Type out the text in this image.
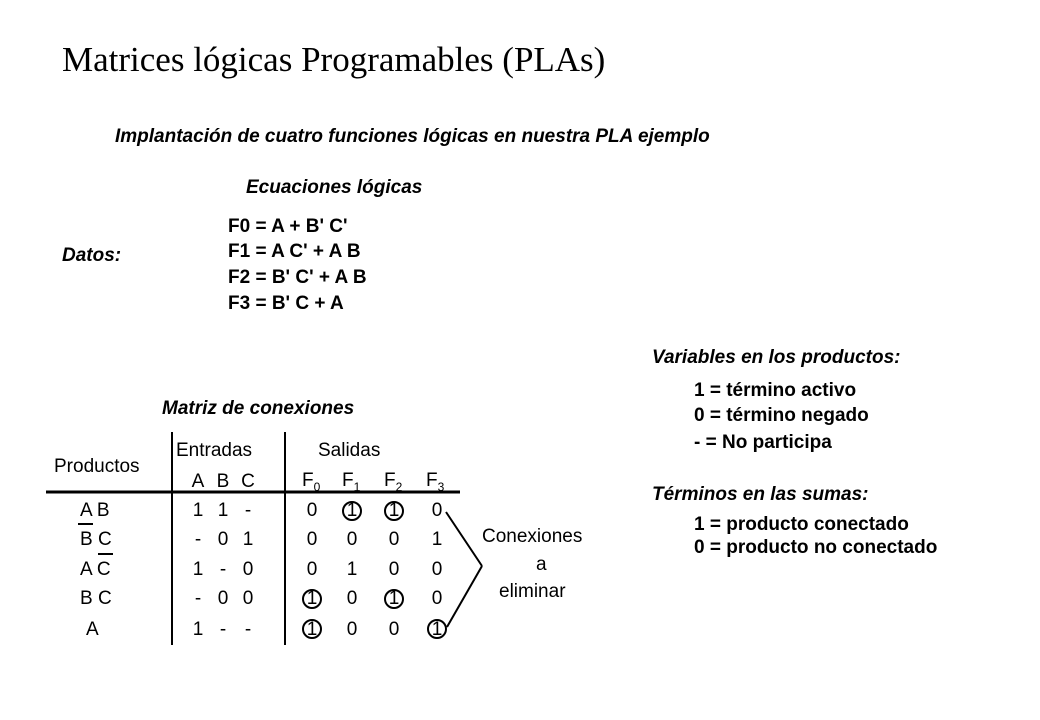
Matrices lógicas Programables (PLAs)
Implantación de cuatro funciones lógicas en nuestra PLA ejemplo
Ecuaciones lógicas
Datos:
F0 = A + B' C'
F1 = A C' + A B
F2 = B' C' + A B
F3 = B' C + A
Variables en los productos:
1 = término activo
0 = término negado
- = No participa
Términos en las sumas:
1 = producto conectado
0 = producto no conectado
Matriz de conexiones
Productos
Entradas	Salidas
A B C $F_0$ $F_1$ $F_2$ $F_3$
A B
B C
A C
B C
A
1 1 -
- 0 1
1 - 0
- 0 0
1 - -
0 1 1 0
0 0 0 1
0 1 0 0
1 0 1 0
1 0 0 1
Conexiones
a
eliminar
